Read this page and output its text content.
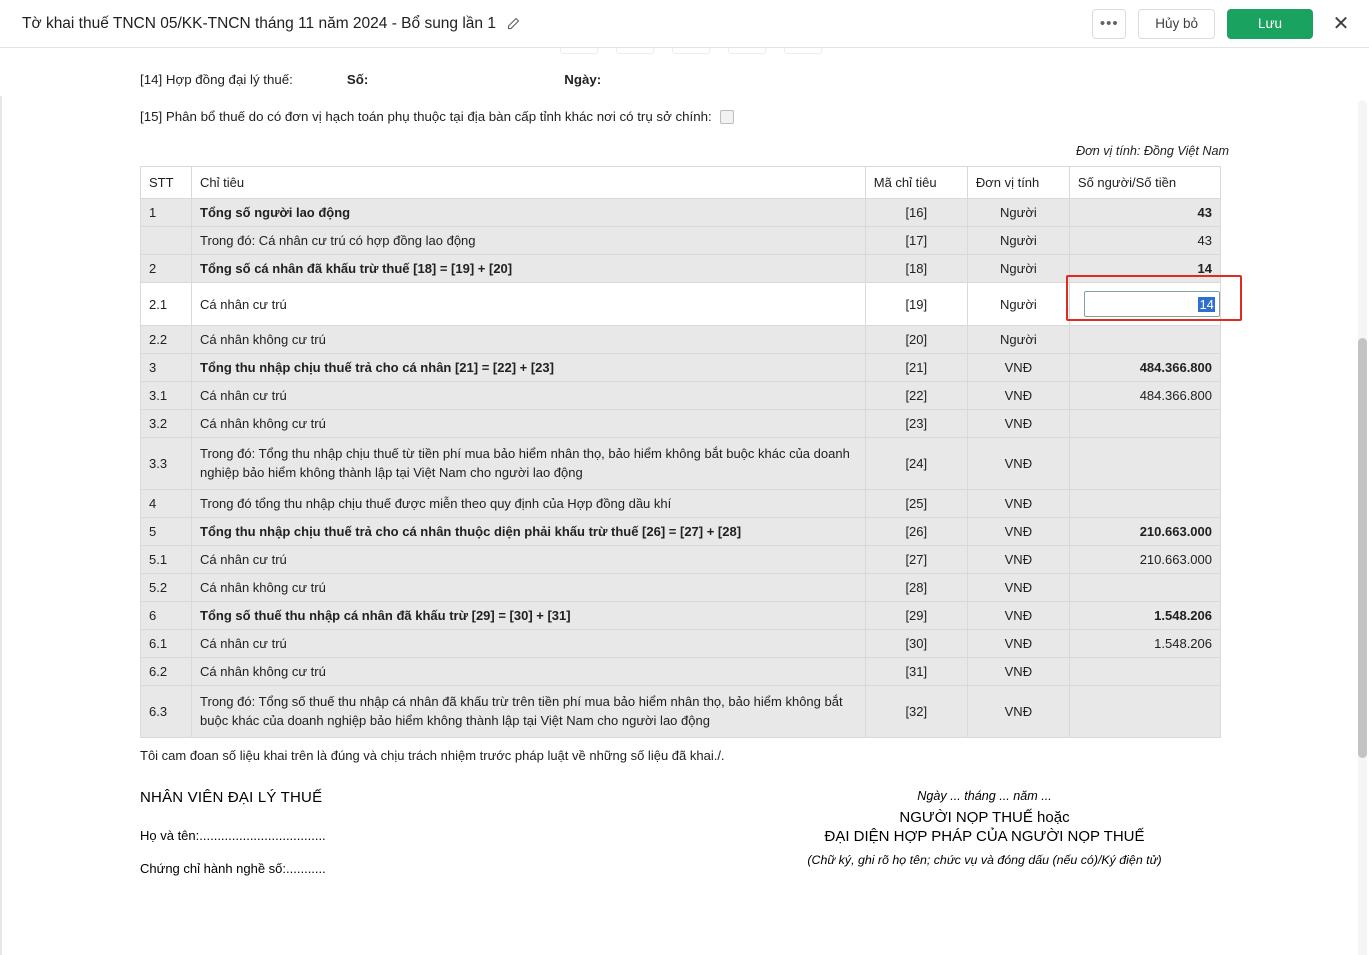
Tờ khai thuế TNCN 05/KK-TNCN tháng 11 năm 2024 - Bổ sung lần 1	•••	Hủy bỏ	Lưu	✕
[14] Hợp đồng đại lý thuế:	Số:	Ngày:
[15] Phân bổ thuế do có đơn vị hạch toán phụ thuộc tại địa bàn cấp tỉnh khác nơi có trụ sở chính:
Đơn vị tính: Đồng Việt Nam
STT	Chỉ tiêu	Mã chỉ tiêu	Đơn vị tính	Số người/Số tiền
1	Tổng số người lao động	[16]	Người	43
	Trong đó: Cá nhân cư trú có hợp đồng lao động	[17]	Người	43
2	Tổng số cá nhân đã khấu trừ thuế [18] = [19] + [20]	[18]	Người	14
2.1	Cá nhân cư trú	[19]	Người	14

2.2	Cá nhân không cư trú	[20]	Người	
3	Tổng thu nhập chịu thuế trả cho cá nhân [21] = [22] + [23]	[21]	VNĐ	484.366.800
3.1	Cá nhân cư trú	[22]	VNĐ	484.366.800
3.2	Cá nhân không cư trú	[23]	VNĐ	
3.3	Trong đó: Tổng thu nhập chịu thuế từ tiền phí mua bảo hiểm nhân thọ, bảo hiểm không bắt buộc khác của doanh nghiệp bảo hiểm không thành lập tại Việt Nam cho người lao động	[24]	VNĐ	
4	Trong đó tổng thu nhập chịu thuế được miễn theo quy định của Hợp đồng dầu khí	[25]	VNĐ	
5	Tổng thu nhập chịu thuế trả cho cá nhân thuộc diện phải khấu trừ thuế [26] = [27] + [28]	[26]	VNĐ	210.663.000
5.1	Cá nhân cư trú	[27]	VNĐ	210.663.000
5.2	Cá nhân không cư trú	[28]	VNĐ	
6	Tổng số thuế thu nhập cá nhân đã khấu trừ [29] = [30] + [31]	[29]	VNĐ	1.548.206
6.1	Cá nhân cư trú	[30]	VNĐ	1.548.206
6.2	Cá nhân không cư trú	[31]	VNĐ	
6.3	Trong đó: Tổng số thuế thu nhập cá nhân đã khấu trừ trên tiền phí mua bảo hiểm nhân thọ, bảo hiểm không bắt buộc khác của doanh nghiệp bảo hiểm không thành lập tại Việt Nam cho người lao động	[32]	VNĐ	
Tôi cam đoan số liệu khai trên là đúng và chịu trách nhiệm trước pháp luật về những số liệu đã khai./.
NHÂN VIÊN ĐẠI LÝ THUẾ
Họ và tên:...................................
Chứng chỉ hành nghề số:...........
Ngày ... tháng ... năm ...
NGƯỜI NỌP THUẾ hoặc
ĐẠI DIỆN HỢP PHÁP CỦA NGƯỜI NỌP THUẾ
(Chữ ký, ghi rõ họ tên; chức vụ và đóng dấu (nếu có)/Ký điện tử)
